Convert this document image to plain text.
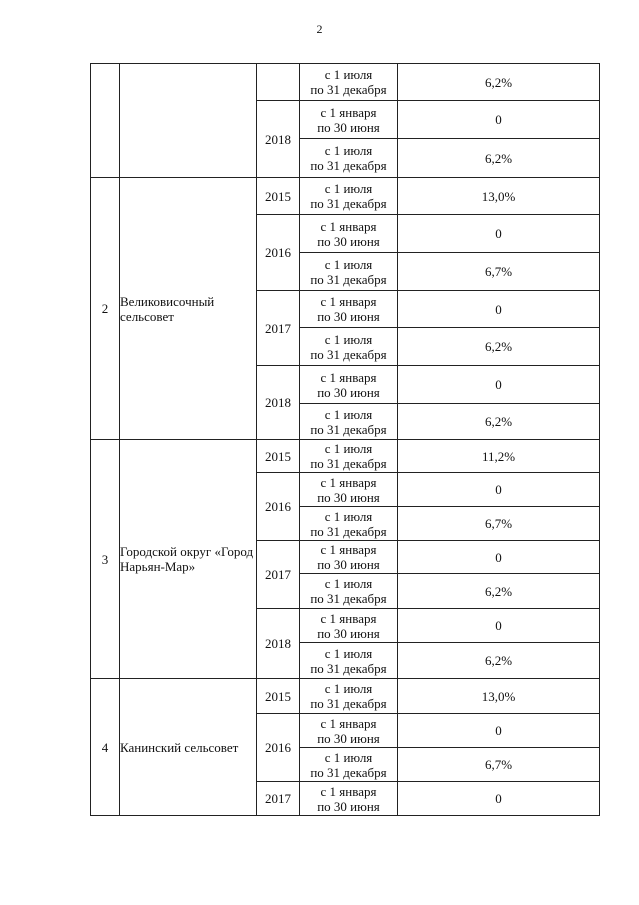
2

			с 1 июля
по 31 декабря	6,2%
		2018	с 1 января
по 30 июня	0

			с 1 июля
по 31 декабря	6,2%
2	Великовисочный сельсовет	2015	с 1 июля
по 31 декабря	13,0%
		2016	с 1 января
по 30 июня	0

			с 1 июля
по 31 декабря	6,7%
		2017	с 1 января
по 30 июня	0

			с 1 июля
по 31 декабря	6,2%
		2018	с 1 января
по 30 июня	0

			с 1 июля
по 31 декабря	6,2%
3	Городской округ «Город Нарьян-Мар»	2015	с 1 июля
по 31 декабря	11,2%
		2016	с 1 января
по 30 июня	0

			с 1 июля
по 31 декабря	6,7%
		2017	с 1 января
по 30 июня	0

			с 1 июля
по 31 декабря	6,2%
		2018	с 1 января
по 30 июня	0

			с 1 июля
по 31 декабря	6,2%
4	Канинский сельсовет	2015	с 1 июля
по 31 декабря	13,0%
		2016	с 1 января
по 30 июня	0

			с 1 июля
по 31 декабря	6,7%
		2017	с 1 января
по 30 июня	0
